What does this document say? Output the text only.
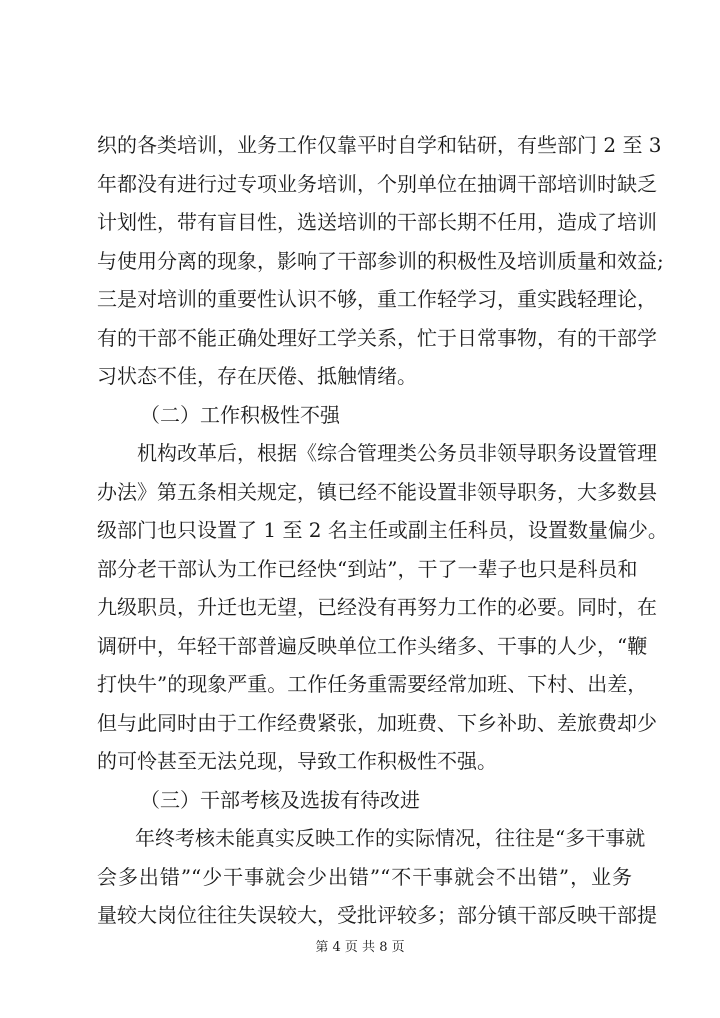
织的各类培训，业务工作仅靠平时自学和钻研，有些部门 2 至 3
年都没有进行过专项业务培训，个别单位在抽调干部培训时缺乏
计划性，带有盲目性，选送培训的干部长期不任用，造成了培训
与使用分离的现象，影响了干部参训的积极性及培训质量和效益;
三是对培训的重要性认识不够，重工作轻学习，重实践轻理论，
有的干部不能正确处理好工学关系，忙于日常事物，有的干部学
习状态不佳，存在厌倦、抵触情绪。
（二）工作积极性不强
机构改革后，根据《综合管理类公务员非领导职务设置管理
办法》第五条相关规定，镇已经不能设置非领导职务，大多数县
级部门也只设置了 1 至 2 名主任或副主任科员，设置数量偏少。
部分老干部认为工作已经快“到站”，干了一辈子也只是科员和
九级职员，升迁也无望，已经没有再努力工作的必要。同时，在
调研中，年轻干部普遍反映单位工作头绪多、干事的人少，“鞭
打快牛”的现象严重。工作任务重需要经常加班、下村、出差，
但与此同时由于工作经费紧张，加班费、下乡补助、差旅费却少
的可怜甚至无法兑现，导致工作积极性不强。
（三）干部考核及选拔有待改进
年终考核未能真实反映工作的实际情况，往往是“多干事就
会多出错”“少干事就会少出错”“不干事就会不出错”，业务
量较大岗位往往失误较大，受批评较多；部分镇干部反映干部提
第 4 页 共 8 页
